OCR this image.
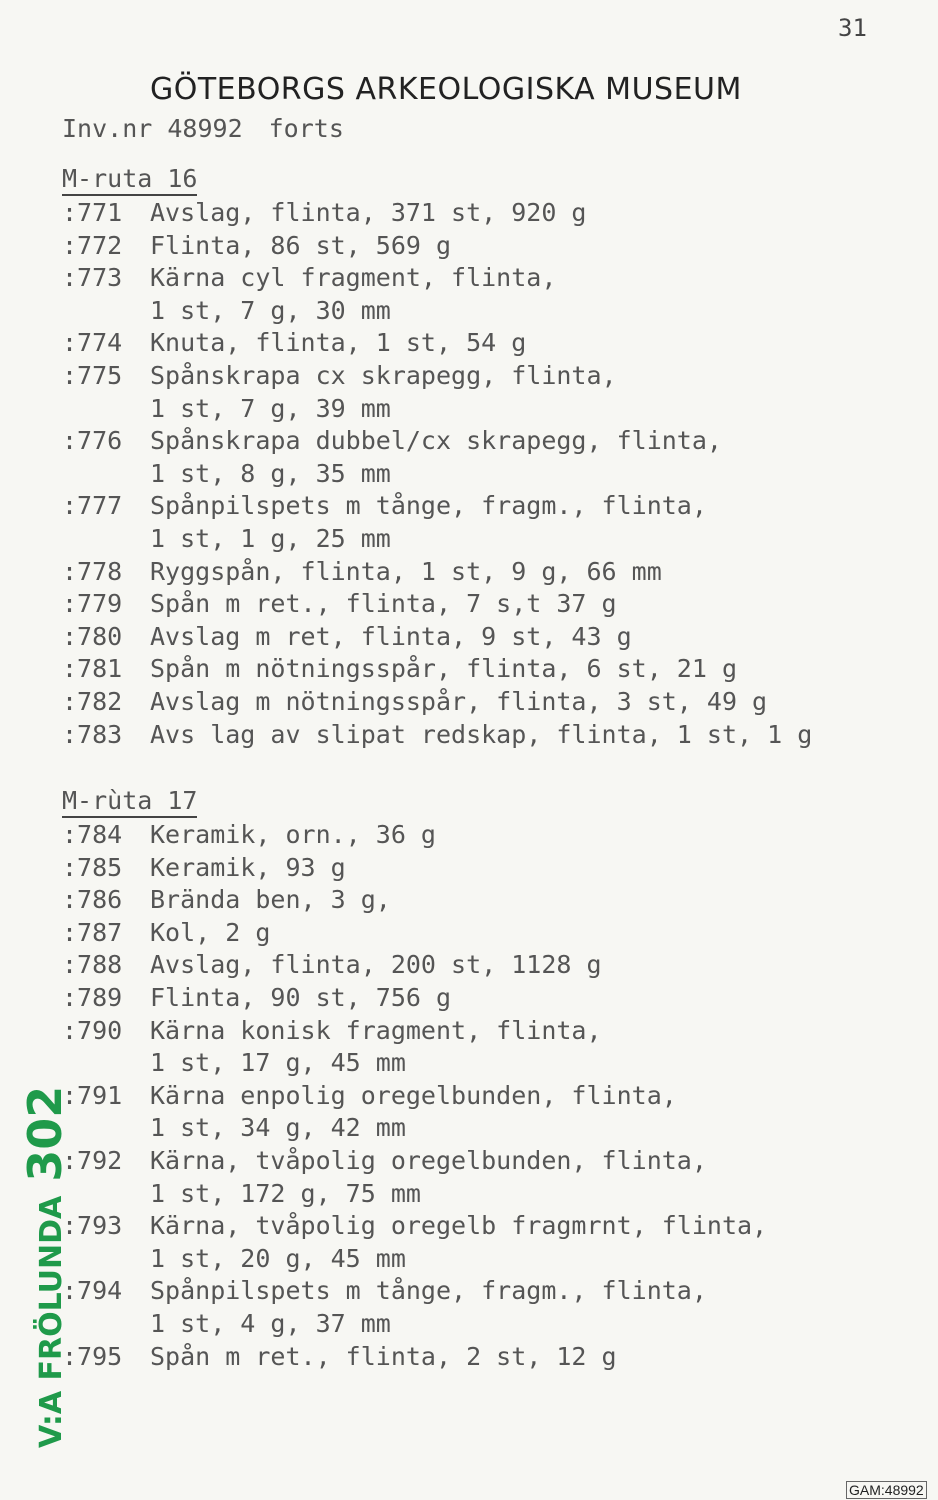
31
GÖTEBORGS ARKEOLOGISKA MUSEUM
Inv.nr 48992 forts
M-ruta 16
:771 Avslag, flinta, 371 st, 920 g
:772 Flinta, 86 st, 569 g
:773 Kärna cyl fragment, flinta,
1 st, 7 g, 30 mm
:774 Knuta, flinta, 1 st, 54 g
:775 Spånskrapa cx skrapegg, flinta,
1 st, 7 g, 39 mm
:776 Spånskrapa dubbel/cx skrapegg, flinta,
1 st, 8 g, 35 mm
:777 Spånpilspets m tånge, fragm., flinta,
1 st, 1 g, 25 mm
:778 Ryggspån, flinta, 1 st, 9 g, 66 mm
:779 Spån m ret., flinta, 7 s,t 37 g
:780 Avslag m ret, flinta, 9 st, 43 g
:781 Spån m nötningsspår, flinta, 6 st, 21 g
:782 Avslag m nötningsspår, flinta, 3 st, 49 g
:783 Avs lag av slipat redskap, flinta, 1 st, 1 g
M-rùta 17
:784 Keramik, orn., 36 g
:785 Keramik, 93 g
:786 Brända ben, 3 g,
:787 Kol, 2 g
:788 Avslag, flinta, 200 st, 1128 g
:789 Flinta, 90 st, 756 g
:790 Kärna konisk fragment, flinta,
1 st, 17 g, 45 mm
:791 Kärna enpolig oregelbunden, flinta,
1 st, 34 g, 42 mm
:792 Kärna, tvåpolig oregelbunden, flinta,
1 st, 172 g, 75 mm
:793 Kärna, tvåpolig oregelb fragmrnt, flinta,
1 st, 20 g, 45 mm
:794 Spånpilspets m tånge, fragm., flinta,
1 st, 4 g, 37 mm
:795 Spån m ret., flinta, 2 st, 12 g
V:A FRÖLUNDA302
GAM:48992
